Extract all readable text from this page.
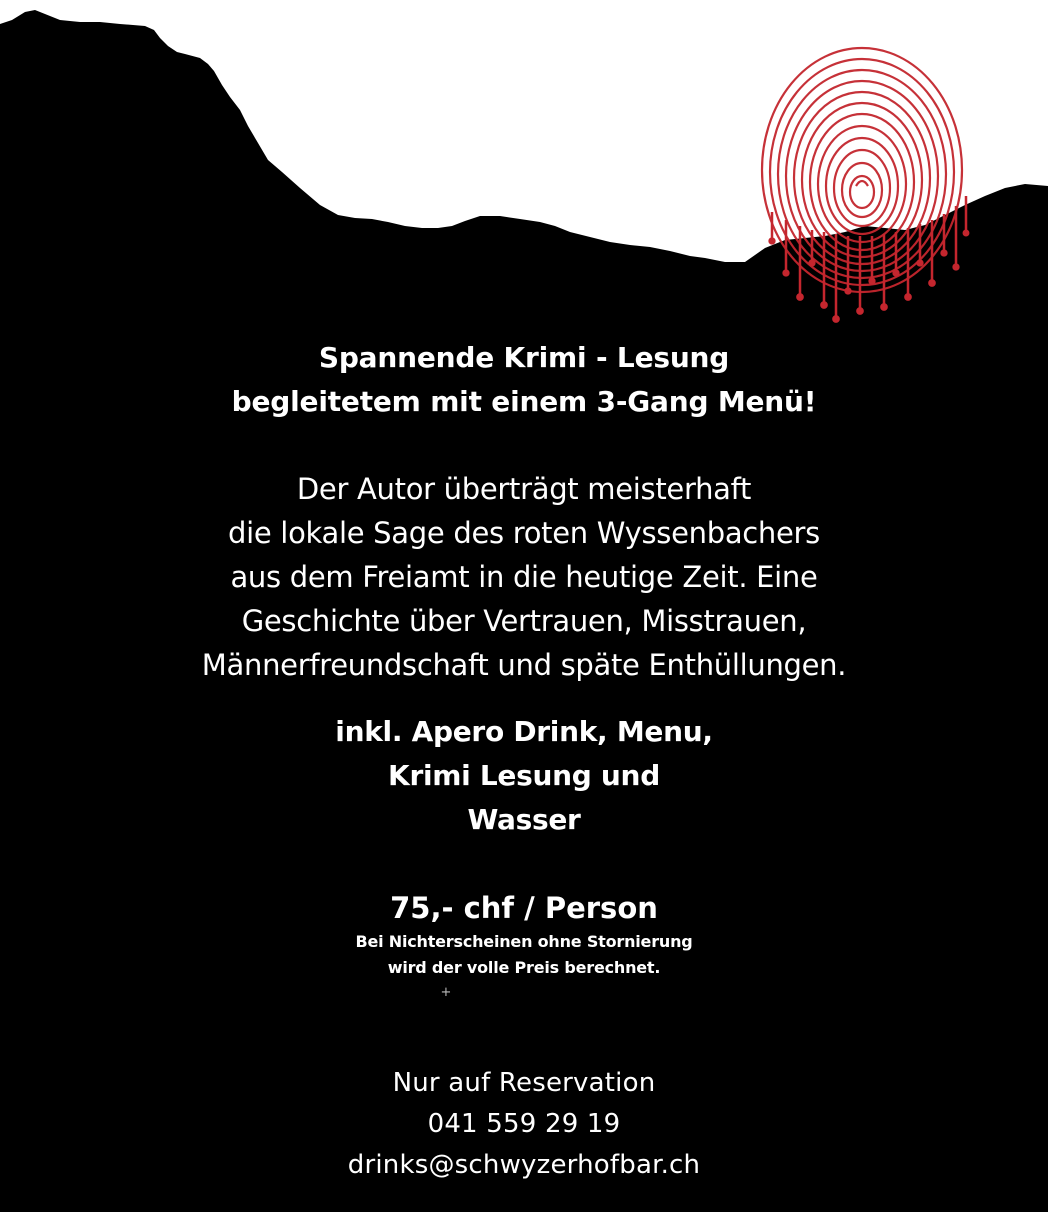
Spannende Krimi - Lesung
begleitetem mit einem 3-Gang Menü!
Der Autor überträgt meisterhaft
die lokale Sage des roten Wyssenbachers
aus dem Freiamt in die heutige Zeit. Eine
Geschichte über Vertrauen, Misstrauen,
Männerfreundschaft und späte Enthüllungen.
inkl. Apero Drink, Menu,
Krimi Lesung und
Wasser
75,- chf / Person
Bei Nichterscheinen ohne Stornierung
wird der volle Preis berechnet.
+
Nur auf Reservation
041 559 29 19
drinks@schwyzerhofbar.ch
